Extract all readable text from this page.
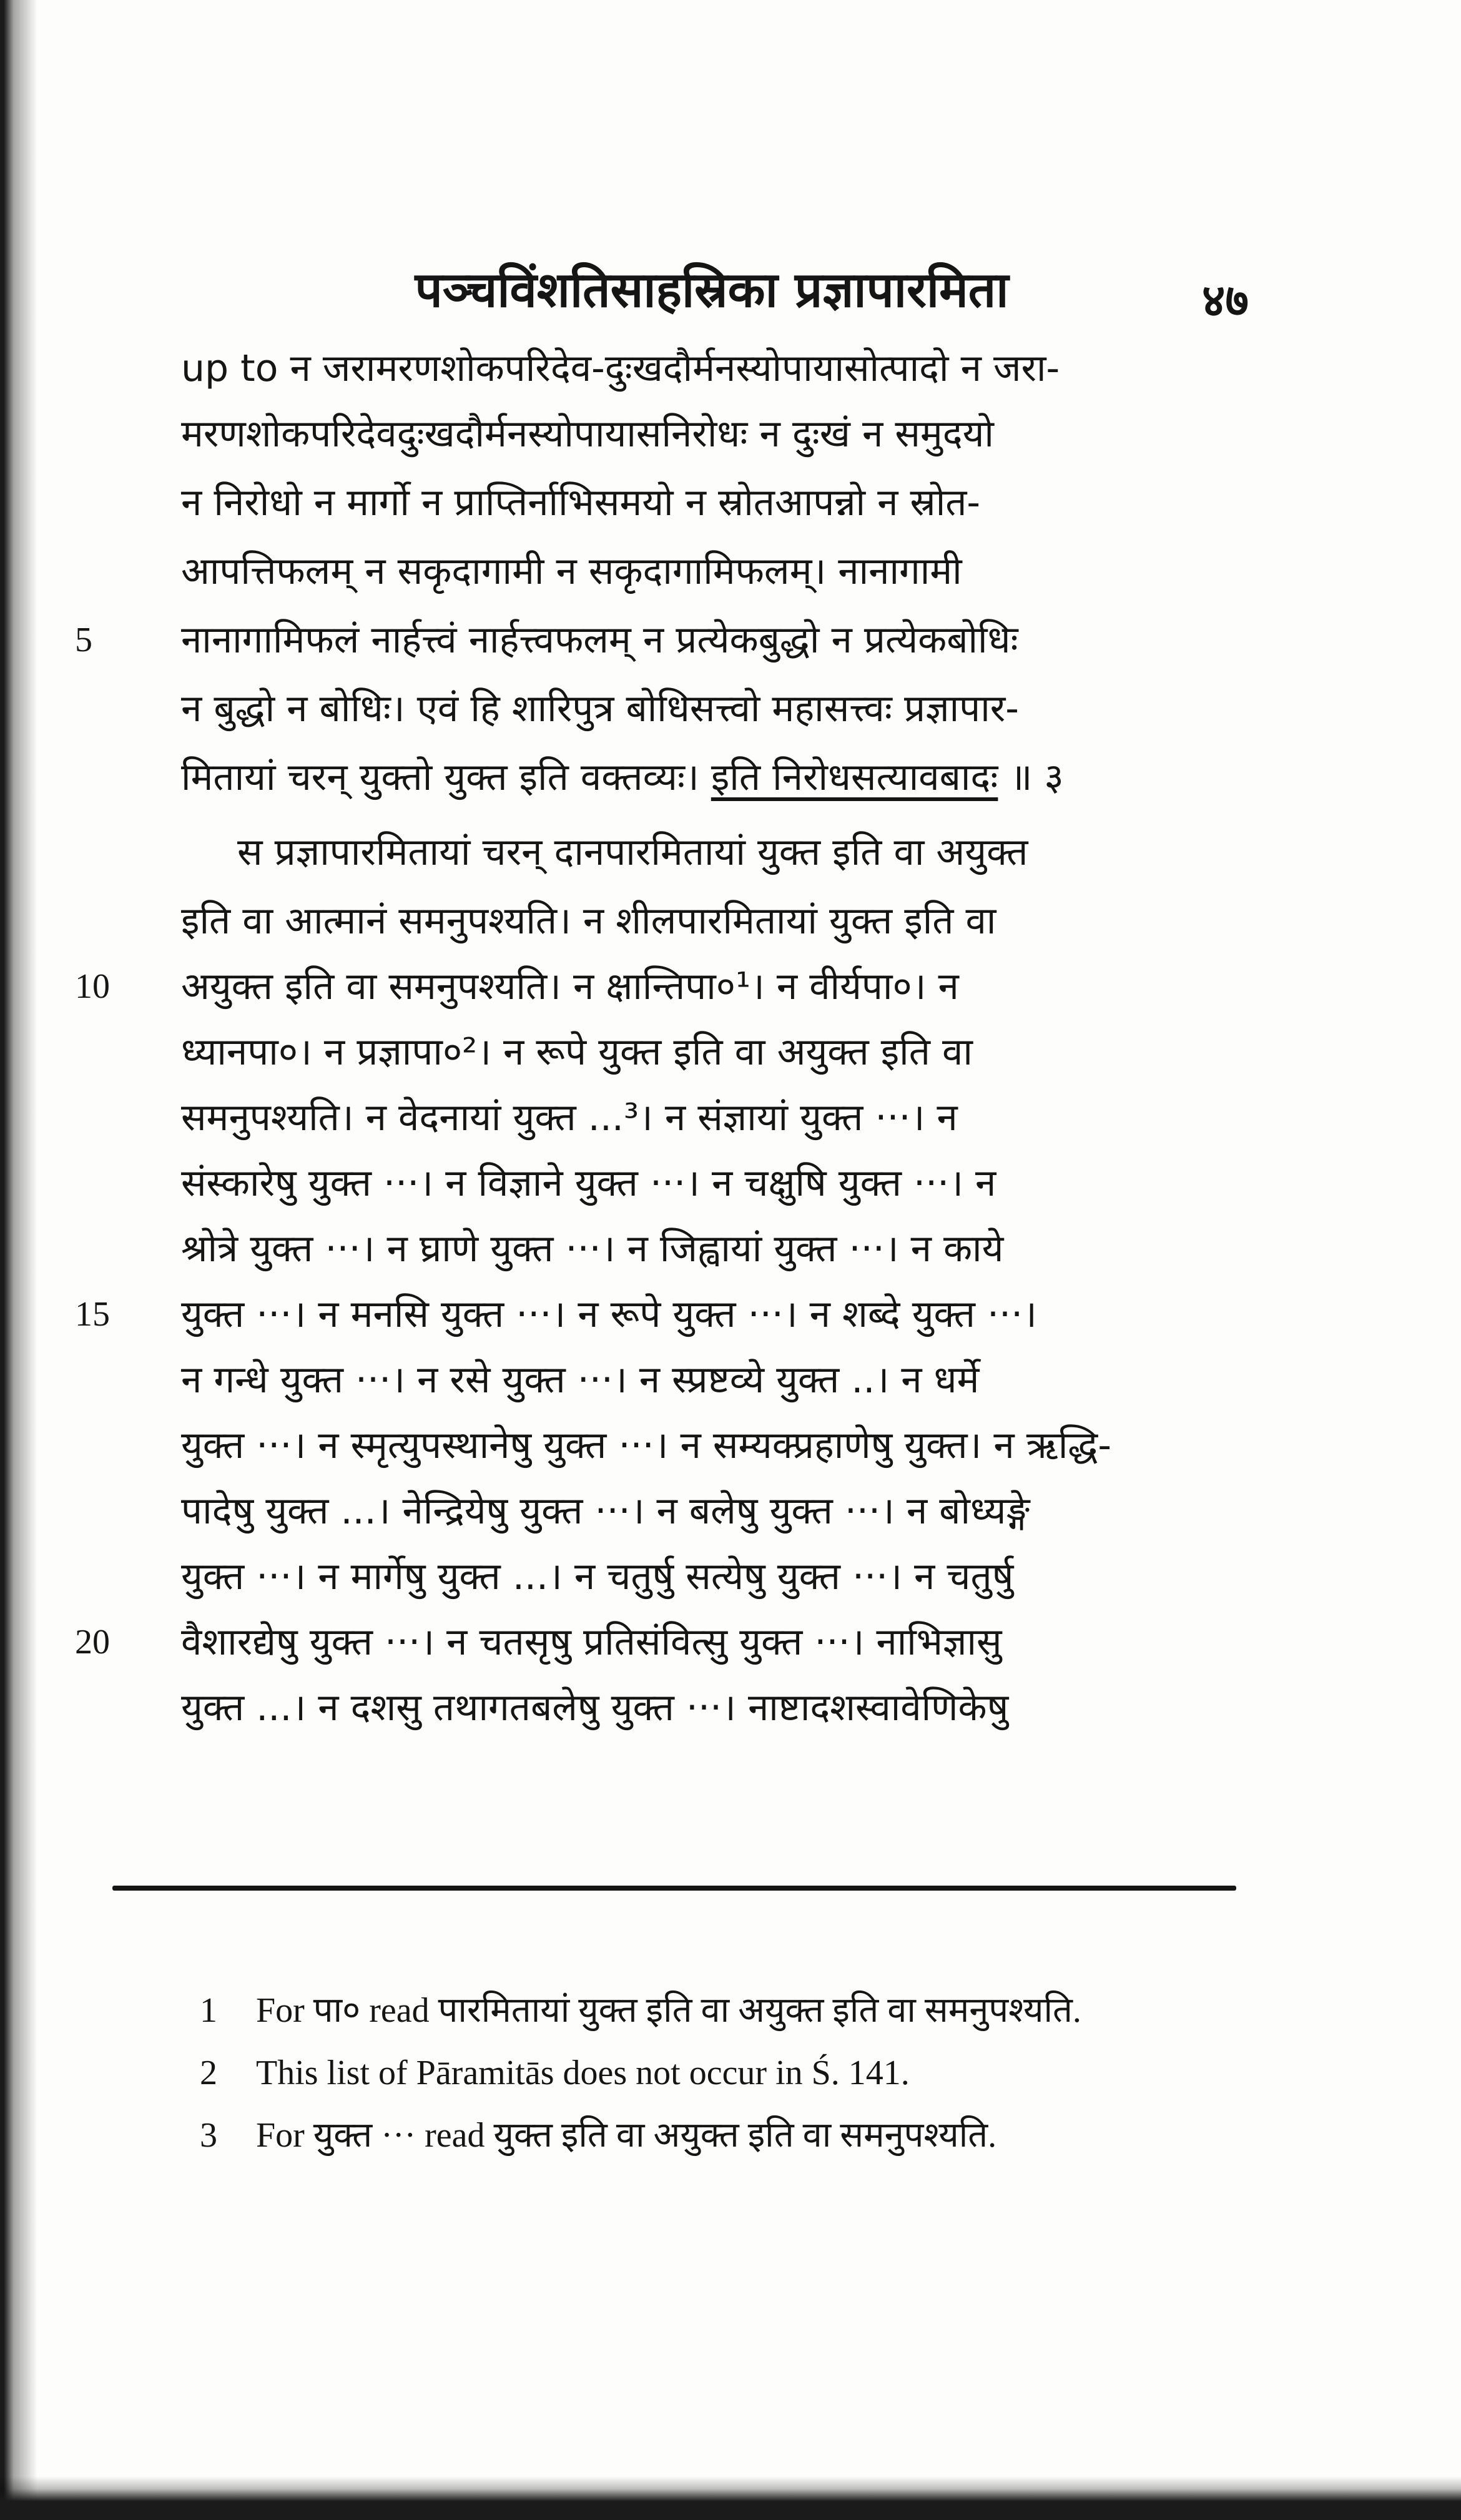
पञ्चविंशतिसाहस्रिका प्रज्ञापारमिता	४७
up to न जरामरणशोकपरिदेव-दुःखदौर्मनस्योपायासोत्पादो न जरा-
मरणशोकपरिदेवदुःखदौर्मनस्योपायासनिरोधः न दुःखं न समुदयो
न निरोधो न मार्गो न प्राप्तिर्नाभिसमयो न स्रोतआपन्नो न स्रोत-
आपत्तिफलम् न सकृदागामी न सकृदागामिफलम्। नानागामी
5	नानागामिफलं नार्हत्त्वं नार्हत्त्वफलम् न प्रत्येकबुद्धो न प्रत्येकबोधिः
न बुद्धो न बोधिः। एवं हि शारिपुत्र बोधिसत्त्वो महासत्त्वः प्रज्ञापार-
मितायां चरन् युक्तो युक्त इति वक्तव्यः। इति निरोधसत्यावबादः ॥ ३
स प्रज्ञापारमितायां चरन् दानपारमितायां युक्त इति वा अयुक्त
इति वा आत्मानं समनुपश्यति। न शीलपारमितायां युक्त इति वा
10	अयुक्त इति वा समनुपश्यति। न क्षान्तिपा०¹। न वीर्यपा०। न
ध्यानपा०। न प्रज्ञापा०²। न रूपे युक्त इति वा अयुक्त इति वा
समनुपश्यति। न वेदनायां युक्त ...³। न संज्ञायां युक्त ···। न
संस्कारेषु युक्त ···। न विज्ञाने युक्त ···। न चक्षुषि युक्त ···। न
श्रोत्रे युक्त ···। न घ्राणे युक्त ···। न जिह्वायां युक्त ···। न काये
15	युक्त ···। न मनसि युक्त ···। न रूपे युक्त ···। न शब्दे युक्त ···।
न गन्धे युक्त ···। न रसे युक्त ···। न स्प्रष्टव्ये युक्त ..। न धर्मे
युक्त ···। न स्मृत्युपस्थानेषु युक्त ···। न सम्यक्प्रहाणेषु युक्त। न ऋद्धि-
पादेषु युक्त ...। नेन्द्रियेषु युक्त ···। न बलेषु युक्त ···। न बोध्यङ्गे
युक्त ···। न मार्गेषु युक्त ...। न चतुर्षु सत्येषु युक्त ···। न चतुर्षु
20	वैशारद्येषु युक्त ···। न चतसृषु प्रतिसंवित्सु युक्त ···। नाभिज्ञासु
युक्त ...। न दशसु तथागतबलेषु युक्त ···। नाष्टादशस्वावेणिकेषु
1 For पा० read पारमितायां युक्त इति वा अयुक्त इति वा समनुपश्यति.
2 This list of Pāramitās does not occur in Ś. 141.
3 For युक्त ··· read युक्त इति वा अयुक्त इति वा समनुपश्यति.
